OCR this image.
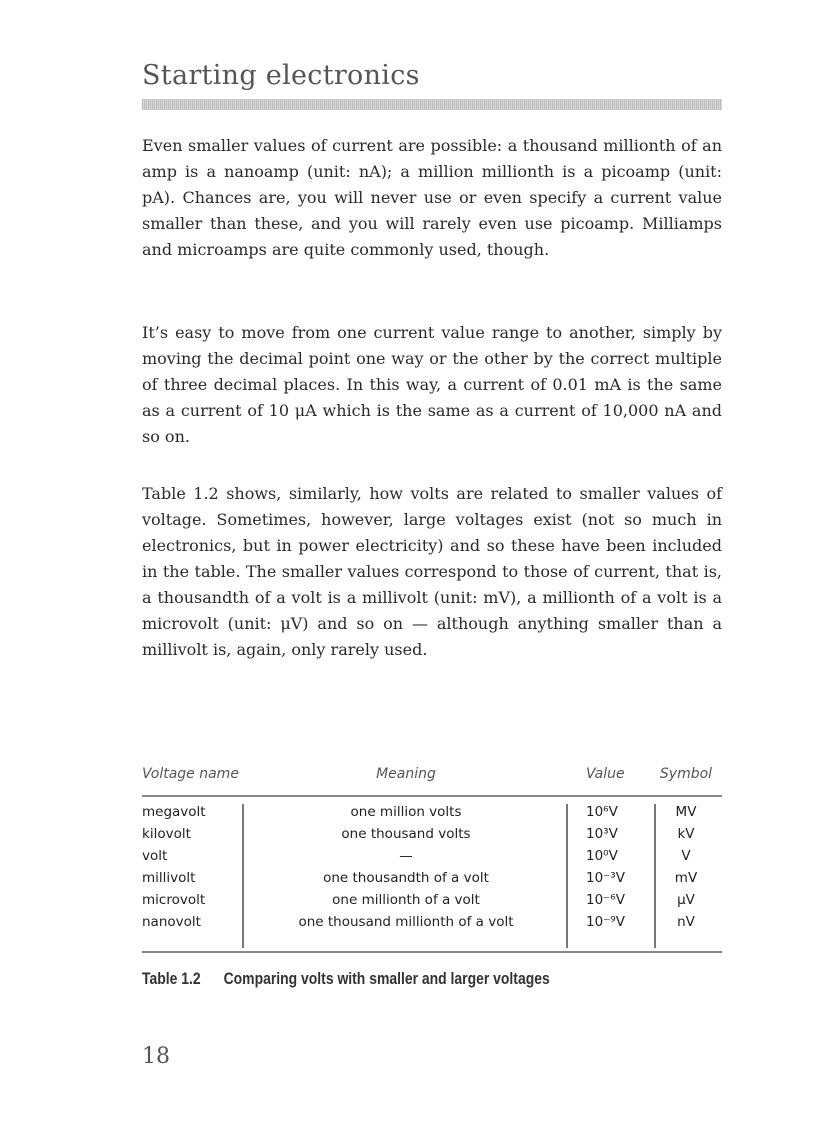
Starting electronics

Even smaller values of current are possible: a thousand millionth of an amp is a nanoamp (unit: nA); a million millionth is a picoamp (unit: pA). Chances are, you will never use or even specify a current value smaller than these, and you will rarely even use picoamp. Milliamps and microamps are quite commonly used, though.

It’s easy to move from one current value range to another, simply by moving the decimal point one way or the other by the correct multiple of three decimal places. In this way, a current of 0.01 mA is the same as a current of 10 μA which is the same as a current of 10,000 nA and so on.

Table 1.2 shows, similarly, how volts are related to smaller values of voltage. Sometimes, however, large voltages exist (not so much in electronics, but in power electricity) and so these have been included in the table. The smaller values correspond to those of current, that is, a thousandth of a volt is a millivolt (unit: mV), a millionth of a volt is a microvolt (unit: μV) and so on — although anything smaller than a millivolt is, again, only rarely used.

Voltage name	Meaning	Value	Symbol
megavolt	one million volts	10⁶V	MV
kilovolt	one thousand volts	10³V	kV
volt	—	10⁰V	V
millivolt	one thousandth of a volt	10⁻³V	mV
microvolt	one millionth of a volt	10⁻⁶V	μV
nanovolt	one thousand millionth of a volt	10⁻⁹V	nV
Table 1.2 Comparing volts with smaller and larger voltages
18
